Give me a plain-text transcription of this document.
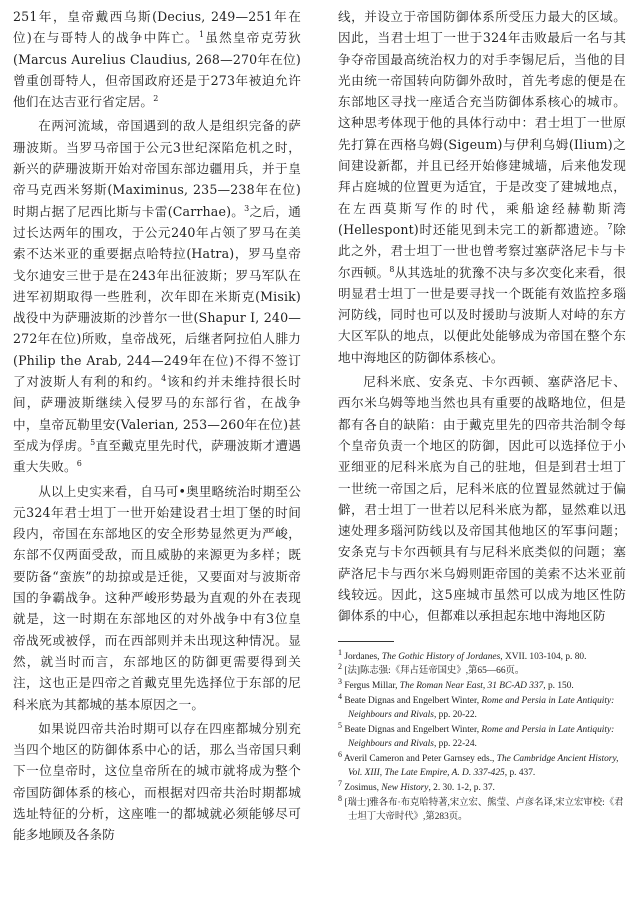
251年，皇帝戴西乌斯(Decius, 249—251年在位)在与哥特人的战争中阵亡。$^1$虽然皇帝克劳狄(Marcus Aurelius Claudius, 268—270年在位)曾重创哥特人，但帝国政府还是于273年被迫允许他们在达吉亚行省定居。$^2$

在两河流域，帝国遇到的敌人是组织完备的萨珊波斯。当罗马帝国于公元3世纪深陷危机之时，新兴的萨珊波斯开始对帝国东部边疆用兵，并于皇帝马克西米努斯(Maximinus, 235—238年在位)时期占据了尼西比斯与卡雷(Carrhae)。$^3$之后，通过长达两年的围攻，于公元240年占领了罗马在美索不达米亚的重要据点哈特拉(Hatra)，罗马皇帝戈尔迪安三世于是在243年出征波斯；罗马军队在进军初期取得一些胜利，次年即在米斯克(Misik)战役中为萨珊波斯的沙普尔一世(Shapur I, 240—272年在位)所败，皇帝战死，后继者阿拉伯人腓力(Philip the Arab, 244—249年在位)不得不签订了对波斯人有利的和约。$^4$该和约并未维持很长时间，萨珊波斯继续入侵罗马的东部行省，在战争中，皇帝瓦勒里安(Valerian, 253—260年在位)甚至成为俘虏。$^5$直至戴克里先时代，萨珊波斯才遭遇重大失败。$^6$

从以上史实来看，自马可•奥里略统治时期至公元324年君士坦丁一世开始建设君士坦丁堡的时间段内，帝国在东部地区的安全形势显然更为严峻，东部不仅两面受敌，而且威胁的来源更为多样；既要防备“蛮族”的劫掠或是迁徙，又要面对与波斯帝国的争霸战争。这种严峻形势最为直观的外在表现就是，这一时期在东部地区的对外战争中有3位皇帝战死或被俘，而在西部则并未出现这种情况。显然，就当时而言，东部地区的防御更需要得到关注，这也正是四帝之首戴克里先选择位于东部的尼科米底为其都城的基本原因之一。

如果说四帝共治时期可以存在四座都城分别充当四个地区的防御体系中心的话，那么当帝国只剩下一位皇帝时，这位皇帝所在的城市就将成为整个帝国防御体系的核心，而根据对四帝共治时期都城选址特征的分析，这座唯一的都城就必须能够尽可能多地顾及各条防

线，并设立于帝国防御体系所受压力最大的区域。因此，当君士坦丁一世于324年击败最后一名与其争夺帝国最高统治权力的对手李锡尼后，当他的目光由统一帝国转向防御外敌时，首先考虑的便是在东部地区寻找一座适合充当防御体系核心的城市。这种思考体现于他的具体行动中：君士坦丁一世原先打算在西格乌姆(Sigeum)与伊利乌姆(Ilium)之间建设新都，并且已经开始修建城墙，后来他发现拜占庭城的位置更为适宜，于是改变了建城地点，在左西莫斯写作的时代，乘船途经赫勒斯湾(Hellespont)时还能见到未完工的新都遗迹。$^7$除此之外，君士坦丁一世也曾考察过塞萨洛尼卡与卡尔西顿。$^8$从其选址的犹豫不决与多次变化来看，很明显君士坦丁一世是要寻找一个既能有效监控多瑙河防线，同时也可以及时援助与波斯人对峙的东方大区军队的地点，以便此处能够成为帝国在整个东地中海地区的防御体系核心。

尼科米底、安条克、卡尔西顿、塞萨洛尼卡、西尔米乌姆等地当然也具有重要的战略地位，但是都有各自的缺陷：由于戴克里先的四帝共治制令每个皇帝负责一个地区的防御，因此可以选择位于小亚细亚的尼科米底为自己的驻地，但是到君士坦丁一世统一帝国之后，尼科米底的位置显然就过于偏僻，君士坦丁一世若以尼科米底为都，显然难以迅速处理多瑙河防线以及帝国其他地区的军事问题；安条克与卡尔西顿具有与尼科米底类似的问题；塞萨洛尼卡与西尔米乌姆则距帝国的美索不达米亚前线较远。因此，这5座城市虽然可以成为地区性防御体系的中心，但都难以承担起东地中海地区防

$^1$ Jordanes, The Gothic History of Jordanes, XVII. 103-104, p. 80.
$^2$ [法]陈志强:《拜占廷帝国史》,第65—66页。
$^3$ Fergus Millar, The Roman Near East, 31 BC-AD 337, p. 150.
$^4$ Beate Dignas and Engelbert Winter, Rome and Persia in Late Antiquity: Neighbours and Rivals, pp. 20-22.
$^5$ Beate Dignas and Engelbert Winter, Rome and Persia in Late Antiquity: Neighbours and Rivals, pp. 22-24.
$^6$ Averil Cameron and Peter Garnsey eds., The Cambridge Ancient History, Vol. XIII, The Late Empire, A. D. 337-425, p. 437.
$^7$ Zosimus, New History, 2. 30. 1-2, p. 37.
$^8$ [瑞士]雅各布·布克哈特著,宋立宏、熊莹、卢彦名译,宋立宏审校:《君士坦丁大帝时代》,第283页。
